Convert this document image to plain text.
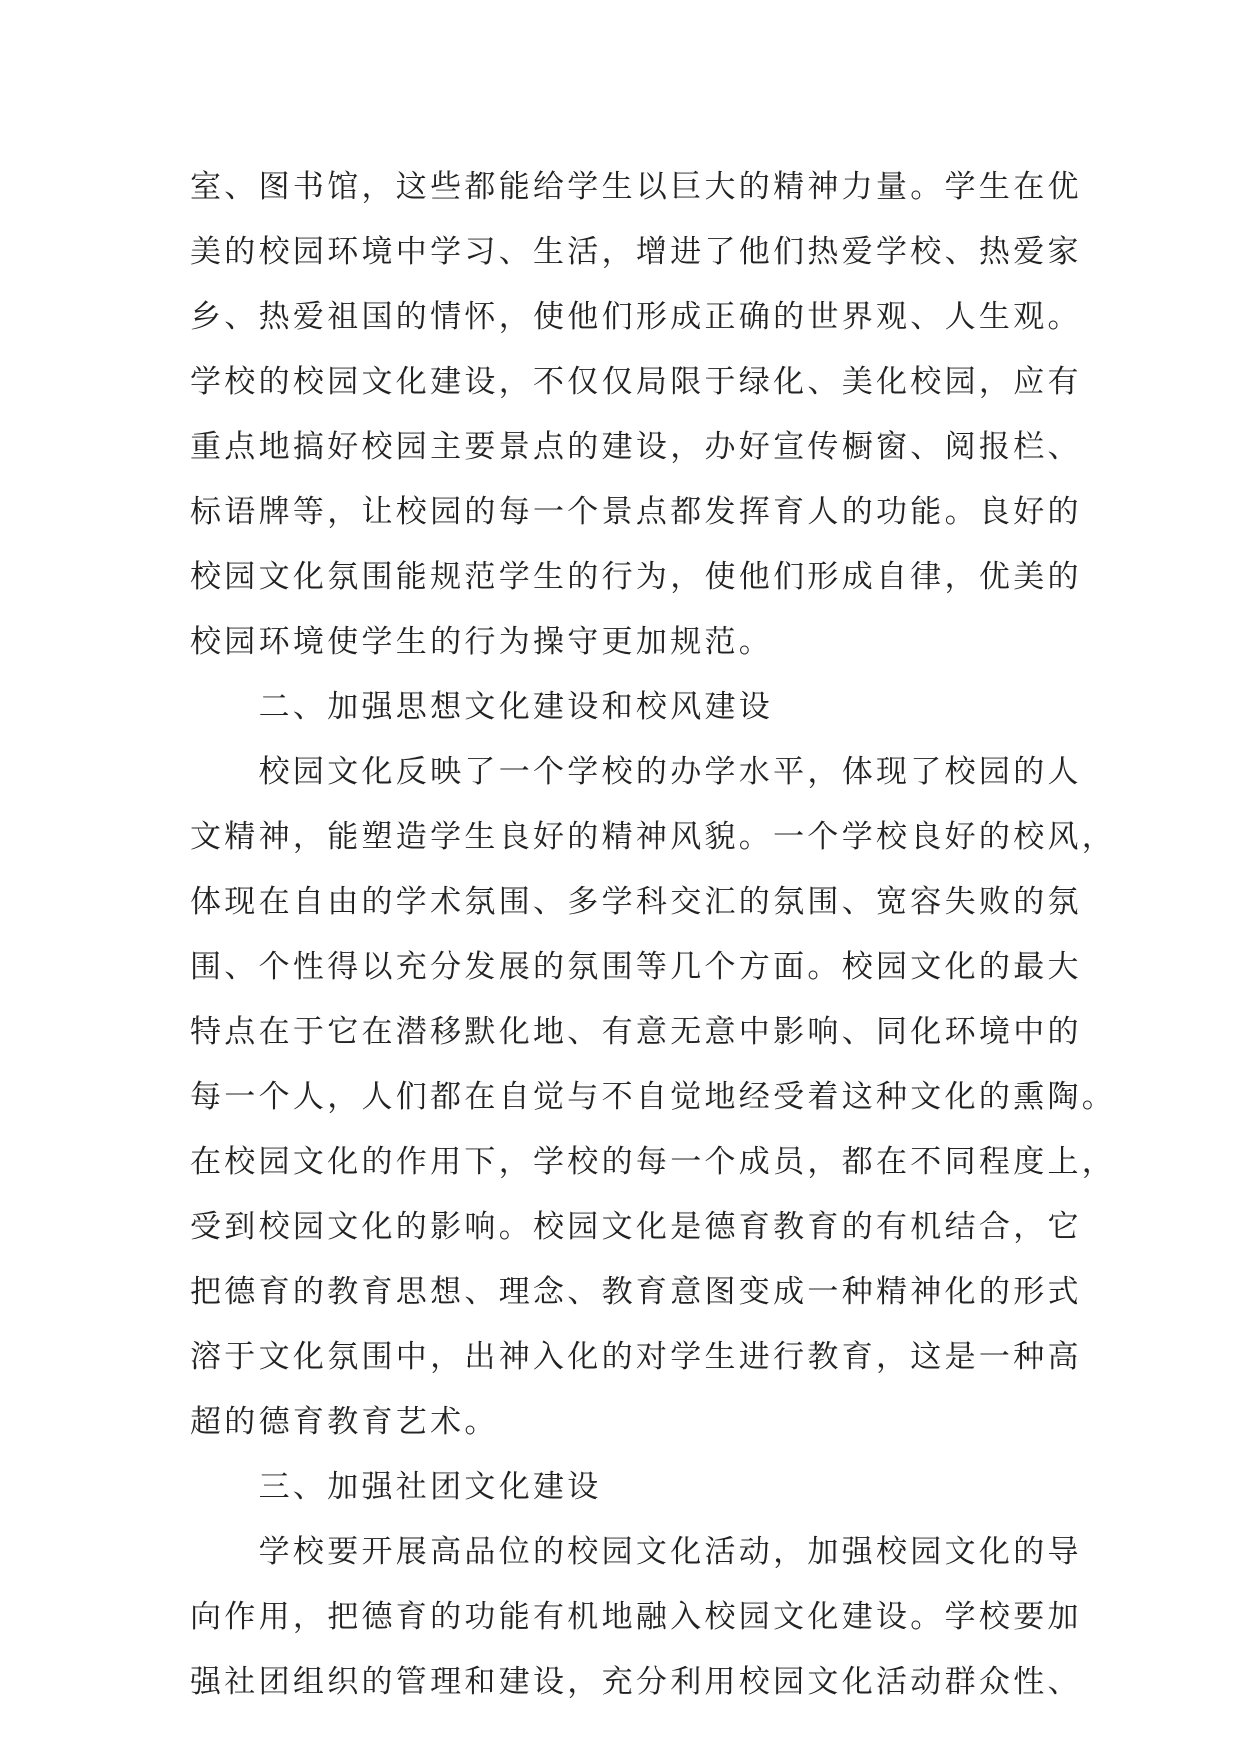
室、图书馆，这些都能给学生以巨大的精神力量。学生在优
美的校园环境中学习、生活，增进了他们热爱学校、热爱家
乡、热爱祖国的情怀，使他们形成正确的世界观、人生观。
学校的校园文化建设，不仅仅局限于绿化、美化校园，应有
重点地搞好校园主要景点的建设，办好宣传橱窗、阅报栏、
标语牌等，让校园的每一个景点都发挥育人的功能。良好的
校园文化氛围能规范学生的行为，使他们形成自律，优美的
校园环境使学生的行为操守更加规范。
　　二、加强思想文化建设和校风建设
　　校园文化反映了一个学校的办学水平，体现了校园的人
文精神，能塑造学生良好的精神风貌。一个学校良好的校风，
体现在自由的学术氛围、多学科交汇的氛围、宽容失败的氛
围、个性得以充分发展的氛围等几个方面。校园文化的最大
特点在于它在潜移默化地、有意无意中影响、同化环境中的
每一个人，人们都在自觉与不自觉地经受着这种文化的熏陶。
在校园文化的作用下，学校的每一个成员，都在不同程度上，
受到校园文化的影响。校园文化是德育教育的有机结合，它
把德育的教育思想、理念、教育意图变成一种精神化的形式
溶于文化氛围中，出神入化的对学生进行教育，这是一种高
超的德育教育艺术。
　　三、加强社团文化建设
　　学校要开展高品位的校园文化活动，加强校园文化的导
向作用，把德育的功能有机地融入校园文化建设。学校要加
强社团组织的管理和建设，充分利用校园文化活动群众性、
